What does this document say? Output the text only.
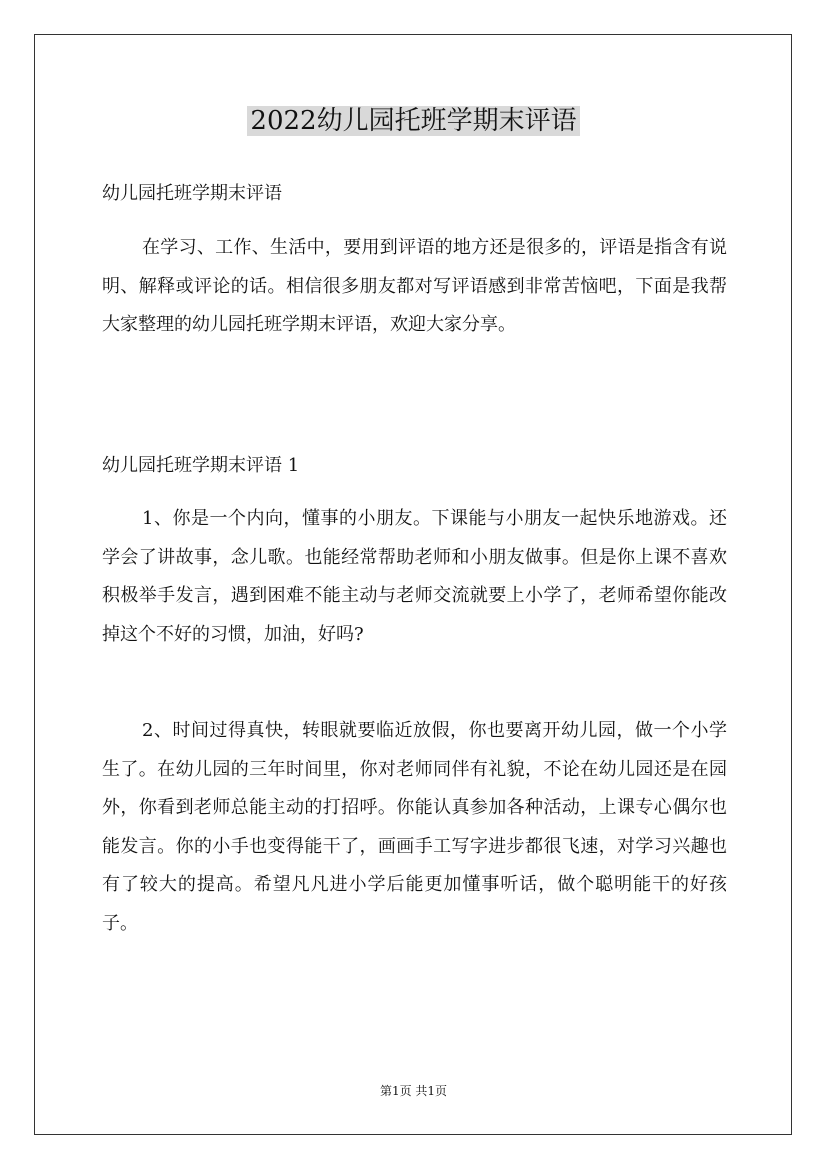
2022幼儿园托班学期末评语

幼儿园托班学期末评语

在学习、工作、生活中，要用到评语的地方还是很多的，评语是指含有说明、解释或评论的话。相信很多朋友都对写评语感到非常苦恼吧，下面是我帮大家整理的幼儿园托班学期末评语，欢迎大家分享。

幼儿园托班学期末评语 1

1、你是一个内向，懂事的小朋友。下课能与小朋友一起快乐地游戏。还学会了讲故事，念儿歌。也能经常帮助老师和小朋友做事。但是你上课不喜欢积极举手发言，遇到困难不能主动与老师交流就要上小学了，老师希望你能改掉这个不好的习惯，加油，好吗?

2、时间过得真快，转眼就要临近放假，你也要离开幼儿园，做一个小学生了。在幼儿园的三年时间里，你对老师同伴有礼貌，不论在幼儿园还是在园外，你看到老师总能主动的打招呼。你能认真参加各种活动，上课专心偶尔也能发言。你的小手也变得能干了，画画手工写字进步都很飞速，对学习兴趣也有了较大的提高。希望凡凡进小学后能更加懂事听话，做个聪明能干的好孩子。

第1页 共1页
